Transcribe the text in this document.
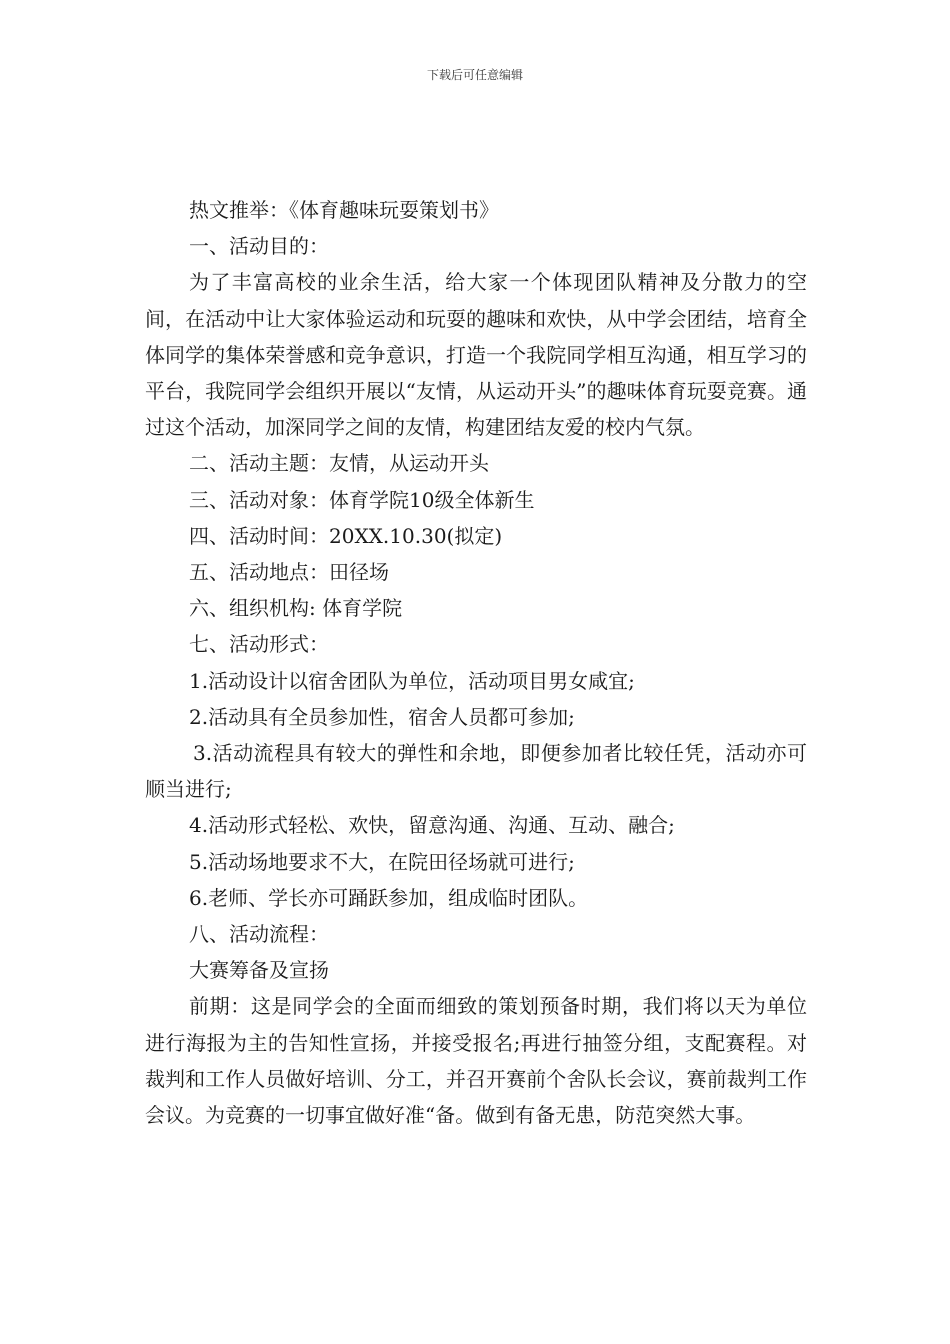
下载后可任意编辑

热文推举：《体育趣味玩耍策划书》

一、活动目的：

为了丰富高校的业余生活，给大家一个体现团队精神及分散力的空间，在活动中让大家体验运动和玩耍的趣味和欢快，从中学会团结，培育全体同学的集体荣誉感和竞争意识，打造一个我院同学相互沟通，相互学习的平台，我院同学会组织开展以“友情，从运动开头”的趣味体育玩耍竞赛。通过这个活动，加深同学之间的友情，构建团结友爱的校内气氛。

二、活动主题：友情，从运动开头

三、活动对象：体育学院10级全体新生

四、活动时间：20XX.10.30(拟定)

五、活动地点：田径场

六、组织机构: 体育学院

七、活动形式：

1.活动设计以宿舍团队为单位，活动项目男女咸宜;

2.活动具有全员参加性，宿舍人员都可参加;

3.活动流程具有较大的弹性和余地，即便参加者比较任凭，活动亦可顺当进行;

4.活动形式轻松、欢快，留意沟通、沟通、互动、融合;

5.活动场地要求不大，在院田径场就可进行;

6.老师、学长亦可踊跃参加，组成临时团队。

八、活动流程：

大赛筹备及宣扬

前期：这是同学会的全面而细致的策划预备时期，我们将以天为单位进行海报为主的告知性宣扬，并接受报名;再进行抽签分组，支配赛程。对裁判和工作人员做好培训、分工，并召开赛前个舍队长会议，赛前裁判工作会议。为竞赛的一切事宜做好准“备。做到有备无患，防范突然大事。
